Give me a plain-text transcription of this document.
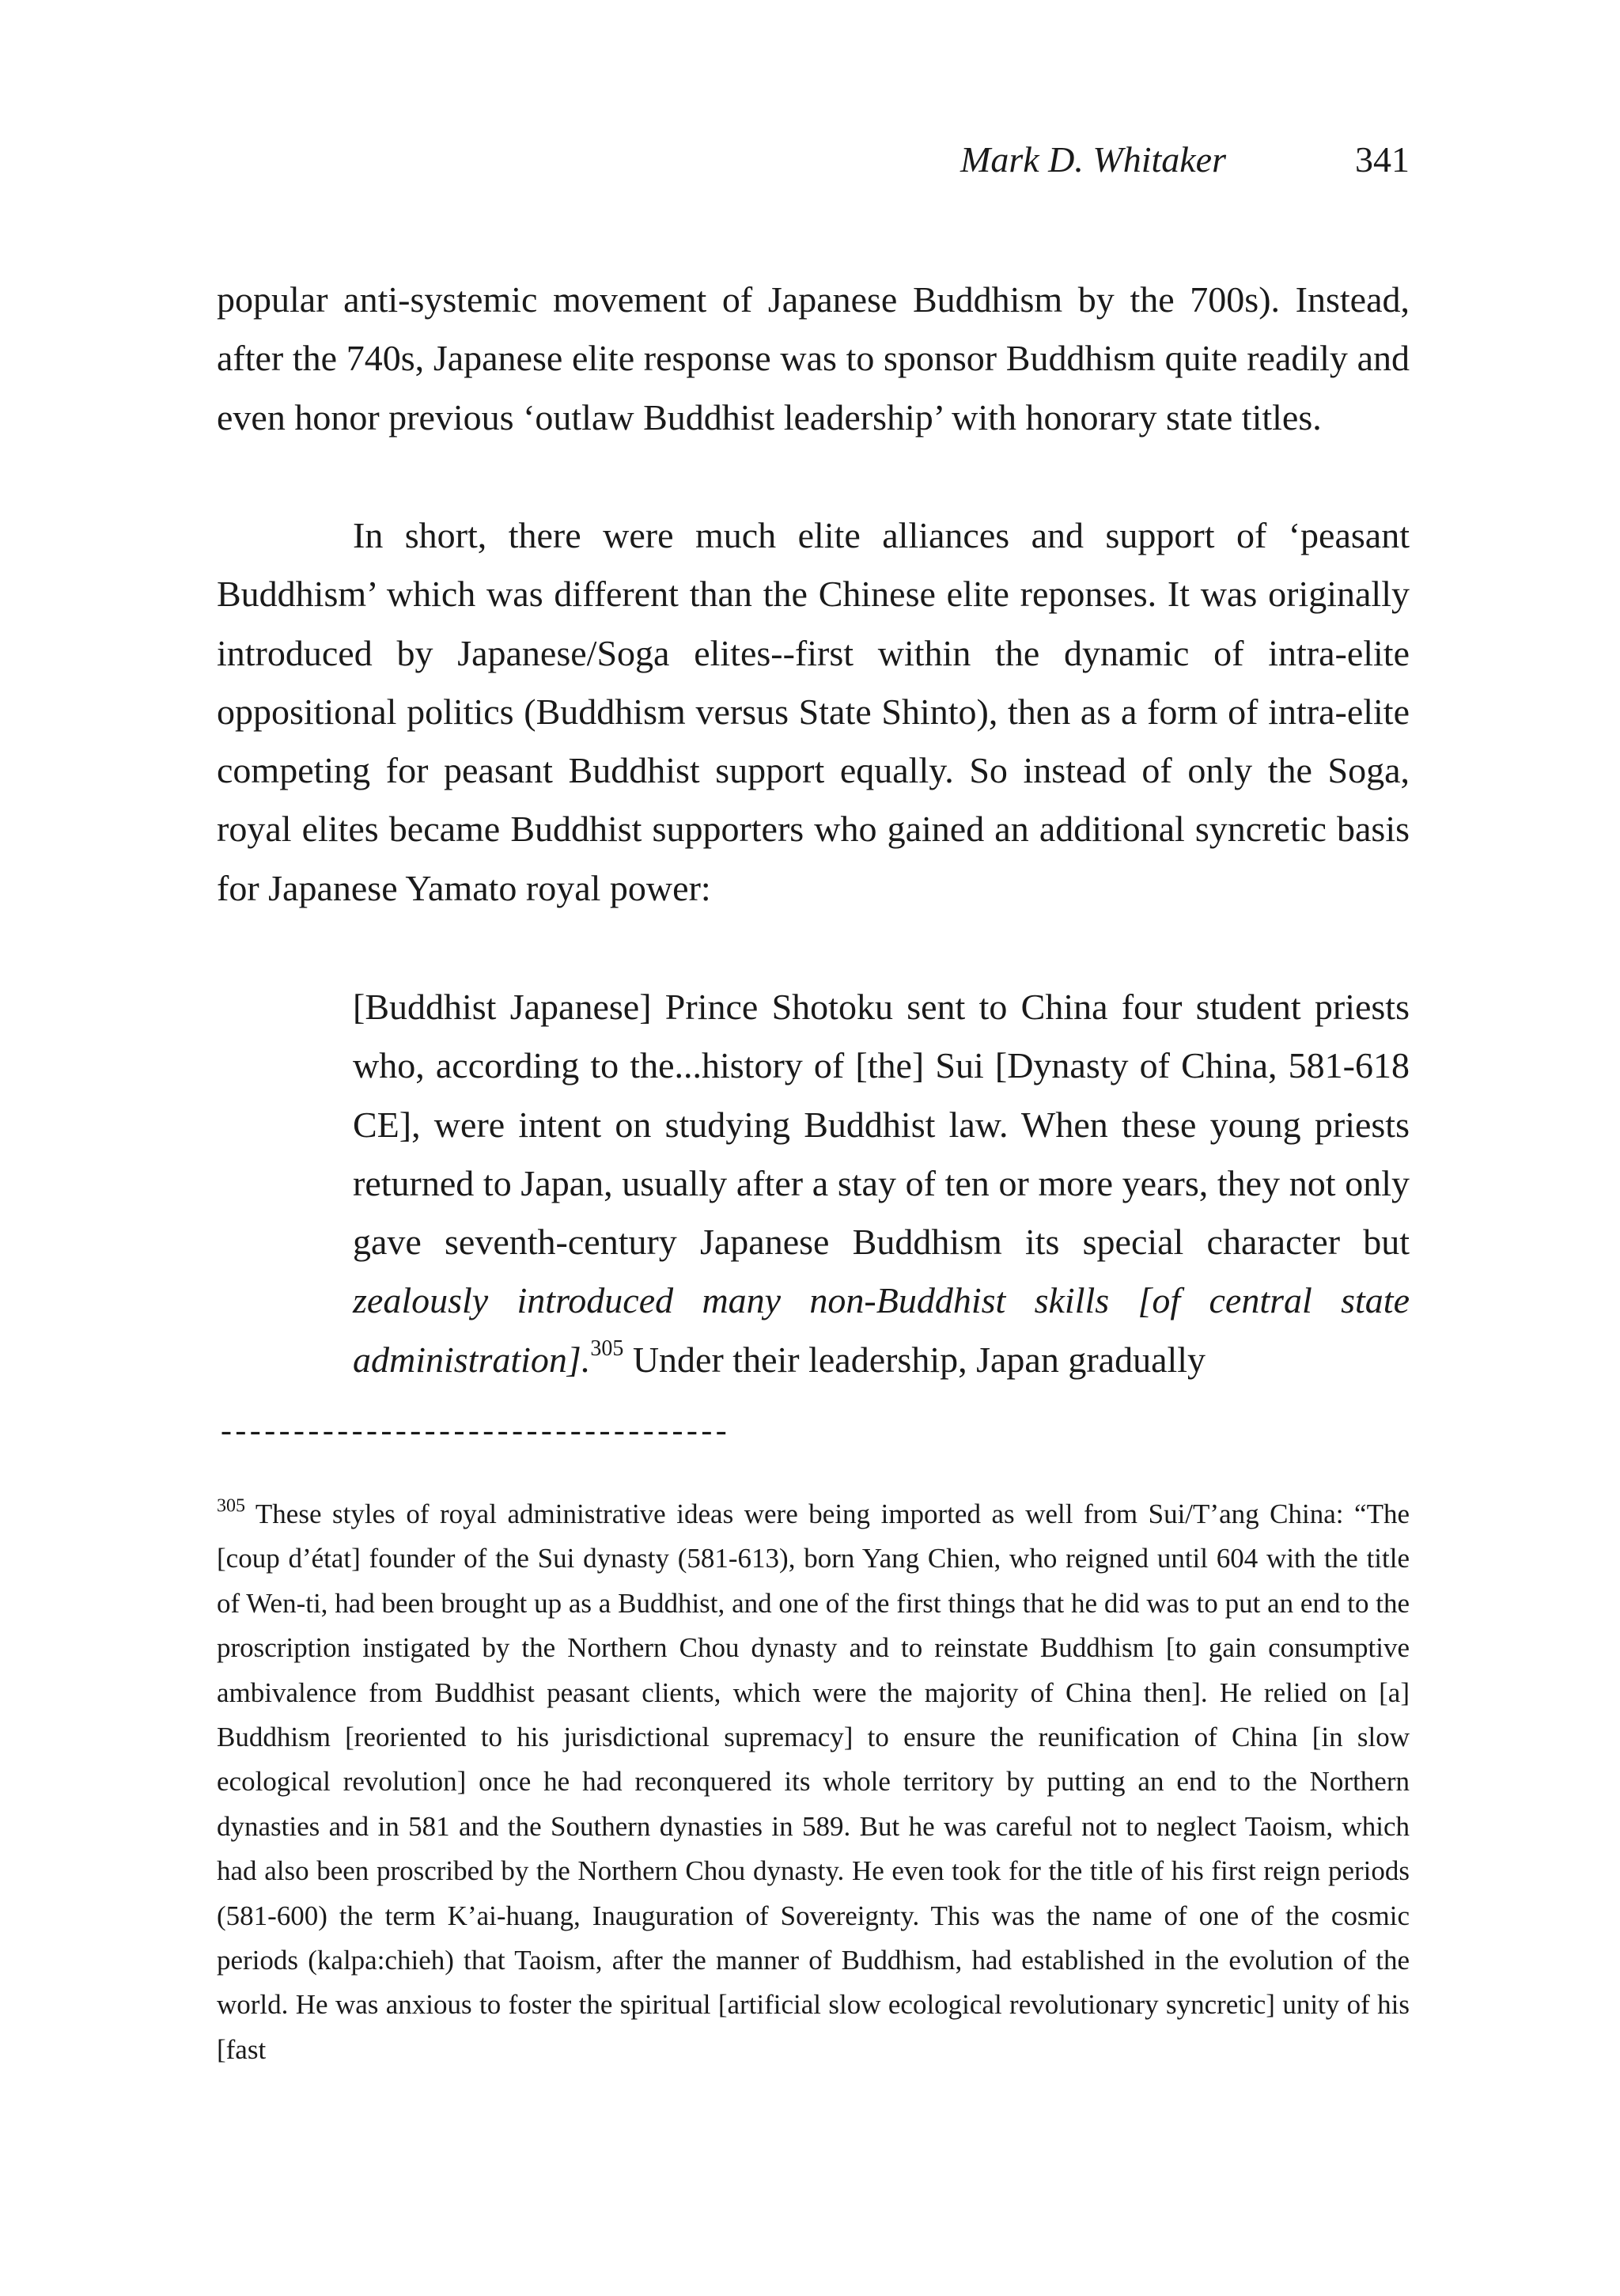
Mark D. Whitaker	341

popular anti-systemic movement of Japanese Buddhism by the 700s). Instead, after the 740s, Japanese elite response was to sponsor Buddhism quite readily and even honor previous ‘outlaw Buddhist leadership’ with honorary state titles.

In short, there were much elite alliances and support of ‘peasant Buddhism’ which was different than the Chinese elite reponses. It was originally introduced by Japanese/Soga elites--first within the dynamic of intra-elite oppositional politics (Buddhism versus State Shinto), then as a form of intra-elite competing for peasant Buddhist support equally. So instead of only the Soga, royal elites became Buddhist supporters who gained an additional syncretic basis for Japanese Yamato royal power:

[Buddhist Japanese] Prince Shotoku sent to China four student priests who, according to the...history of [the] Sui [Dynasty of China, 581-618 CE], were intent on studying Buddhist law. When these young priests returned to Japan, usually after a stay of ten or more years, they not only gave seventh-century Japanese Buddhism its special character but zealously introduced many non-Buddhist skills [of central state administration].$^{305}$ Under their leadership, Japan gradually
-----------------------------------
$^{305}$ These styles of royal administrative ideas were being imported as well from Sui/T’ang China: “The [coup d’état] founder of the Sui dynasty (581-613), born Yang Chien, who reigned until 604 with the title of Wen-ti, had been brought up as a Buddhist, and one of the first things that he did was to put an end to the proscription instigated by the Northern Chou dynasty and to reinstate Buddhism [to gain consumptive ambivalence from Buddhist peasant clients, which were the majority of China then]. He relied on [a] Buddhism [reoriented to his jurisdictional supremacy] to ensure the reunification of China [in slow ecological revolution] once he had reconquered its whole territory by putting an end to the Northern dynasties and in 581 and the Southern dynasties in 589. But he was careful not to neglect Taoism, which had also been proscribed by the Northern Chou dynasty. He even took for the title of his first reign periods (581-600) the term K’ai-huang, Inauguration of Sovereignty. This was the name of one of the cosmic periods (kalpa:chieh) that Taoism, after the manner of Buddhism, had established in the evolution of the world. He was anxious to foster the spiritual [artificial slow ecological revolutionary syncretic] unity of his [fast
